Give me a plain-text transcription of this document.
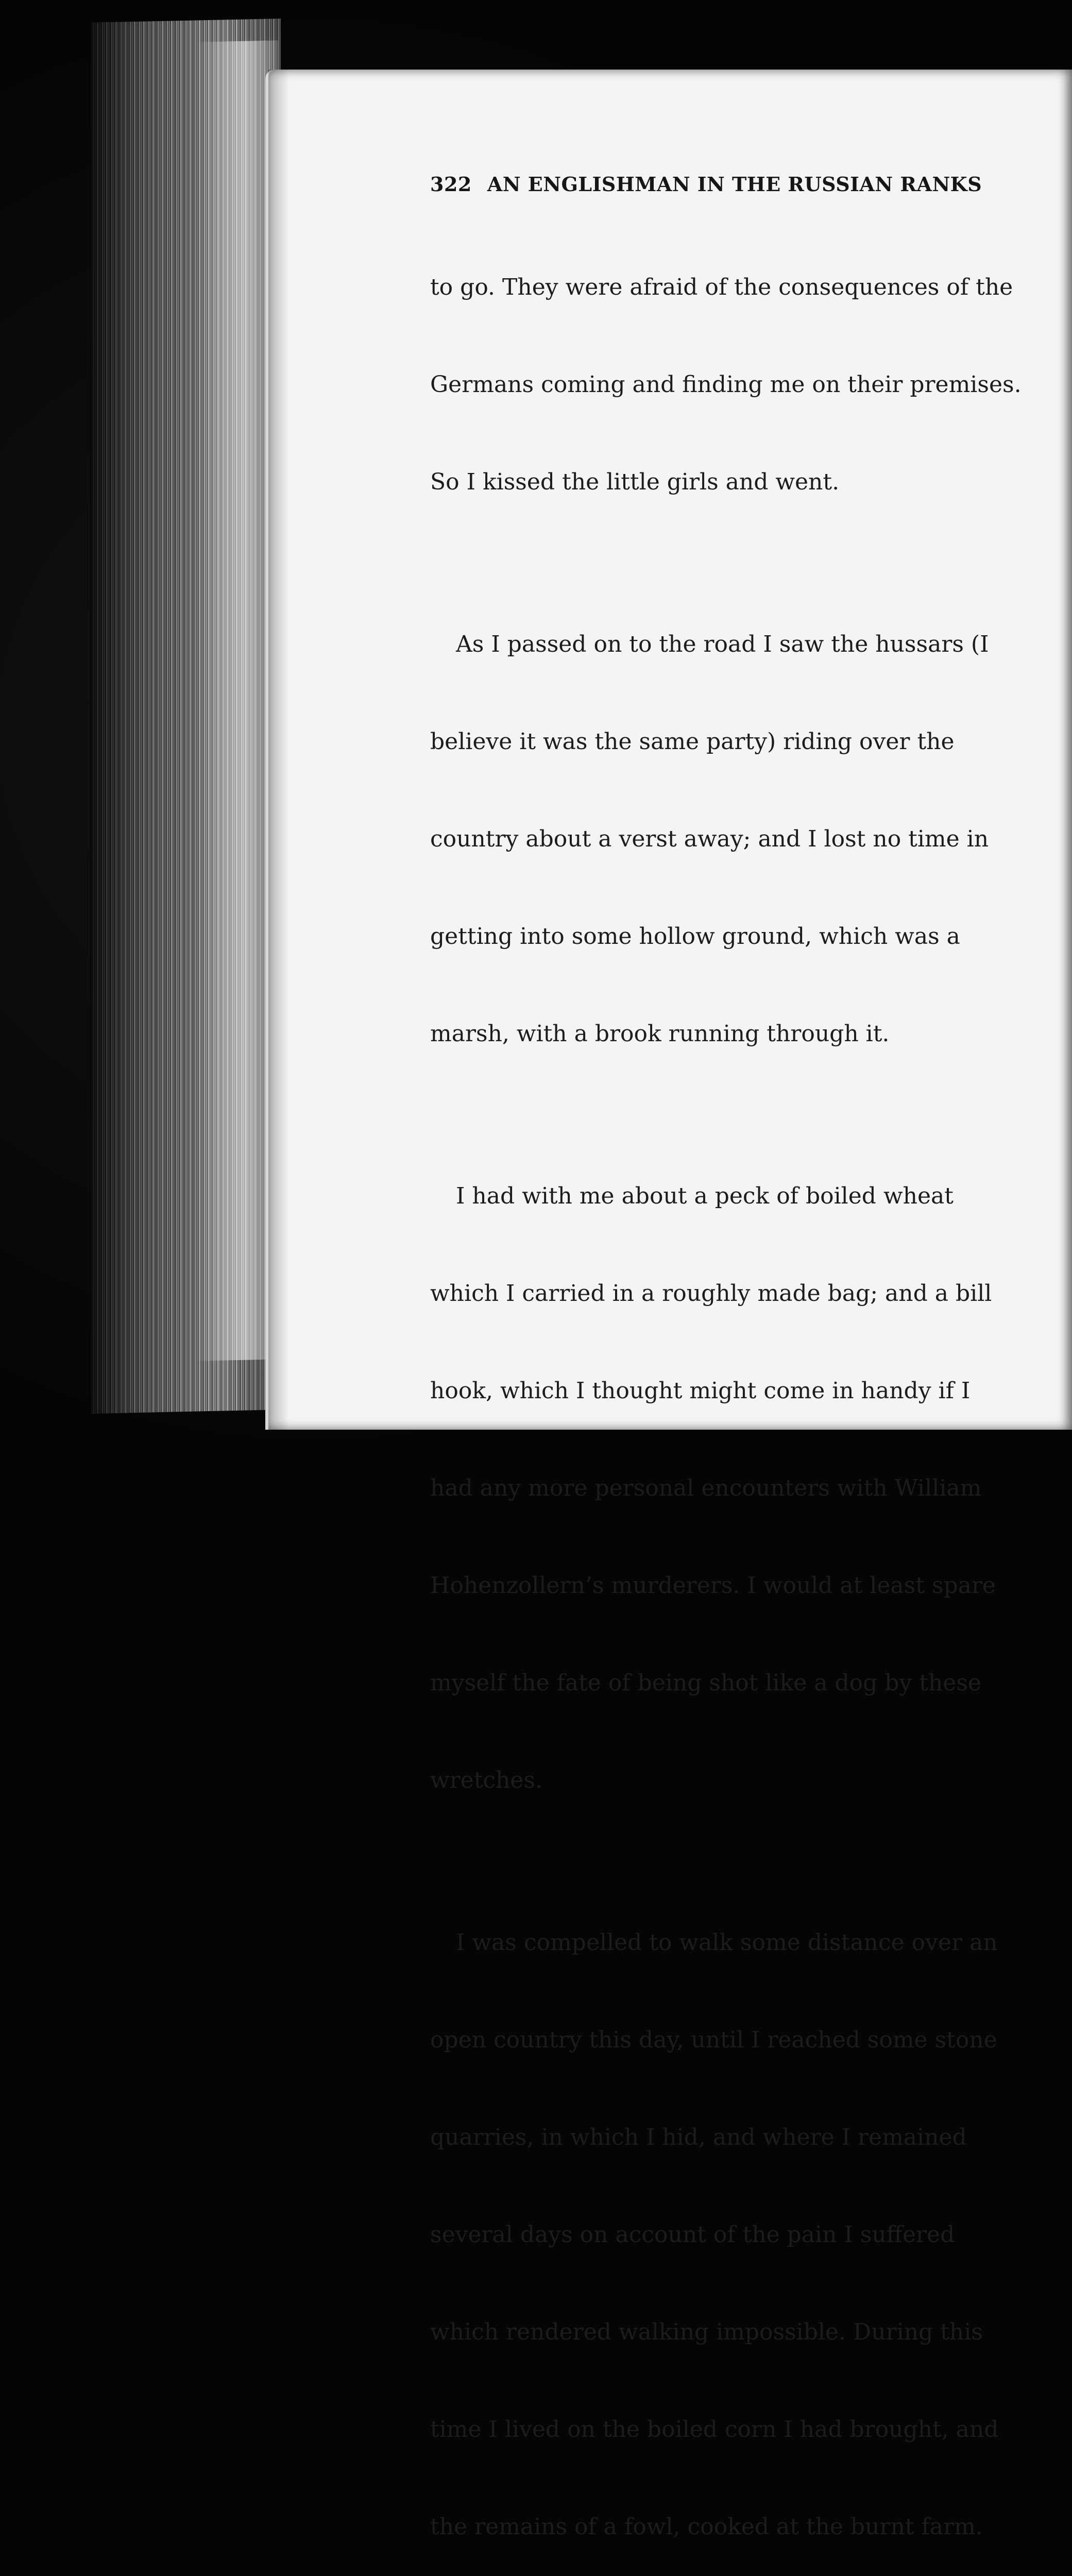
322 AN ENGLISHMAN IN THE RUSSIAN RANKS

to go. They were afraid of the consequences of the

Germans coming and finding me on their premises.

So I kissed the little girls and went.

As I passed on to the road I saw the hussars (I

believe it was the same party) riding over the

country about a verst away; and I lost no time in

getting into some hollow ground, which was a

marsh, with a brook running through it.

I had with me about a peck of boiled wheat

which I carried in a roughly made bag; and a bill

hook, which I thought might come in handy if I

had any more personal encounters with William

Hohenzollern’s murderers. I would at least spare

myself the fate of being shot like a dog by these

wretches.

I was compelled to walk some distance over an

open country this day, until I reached some stone

quarries, in which I hid, and where I remained

several days on account of the pain I suffered

which rendered walking impossible. During this

time I lived on the boiled corn I had brought, and

the remains of a fowl, cooked at the burnt farm.
